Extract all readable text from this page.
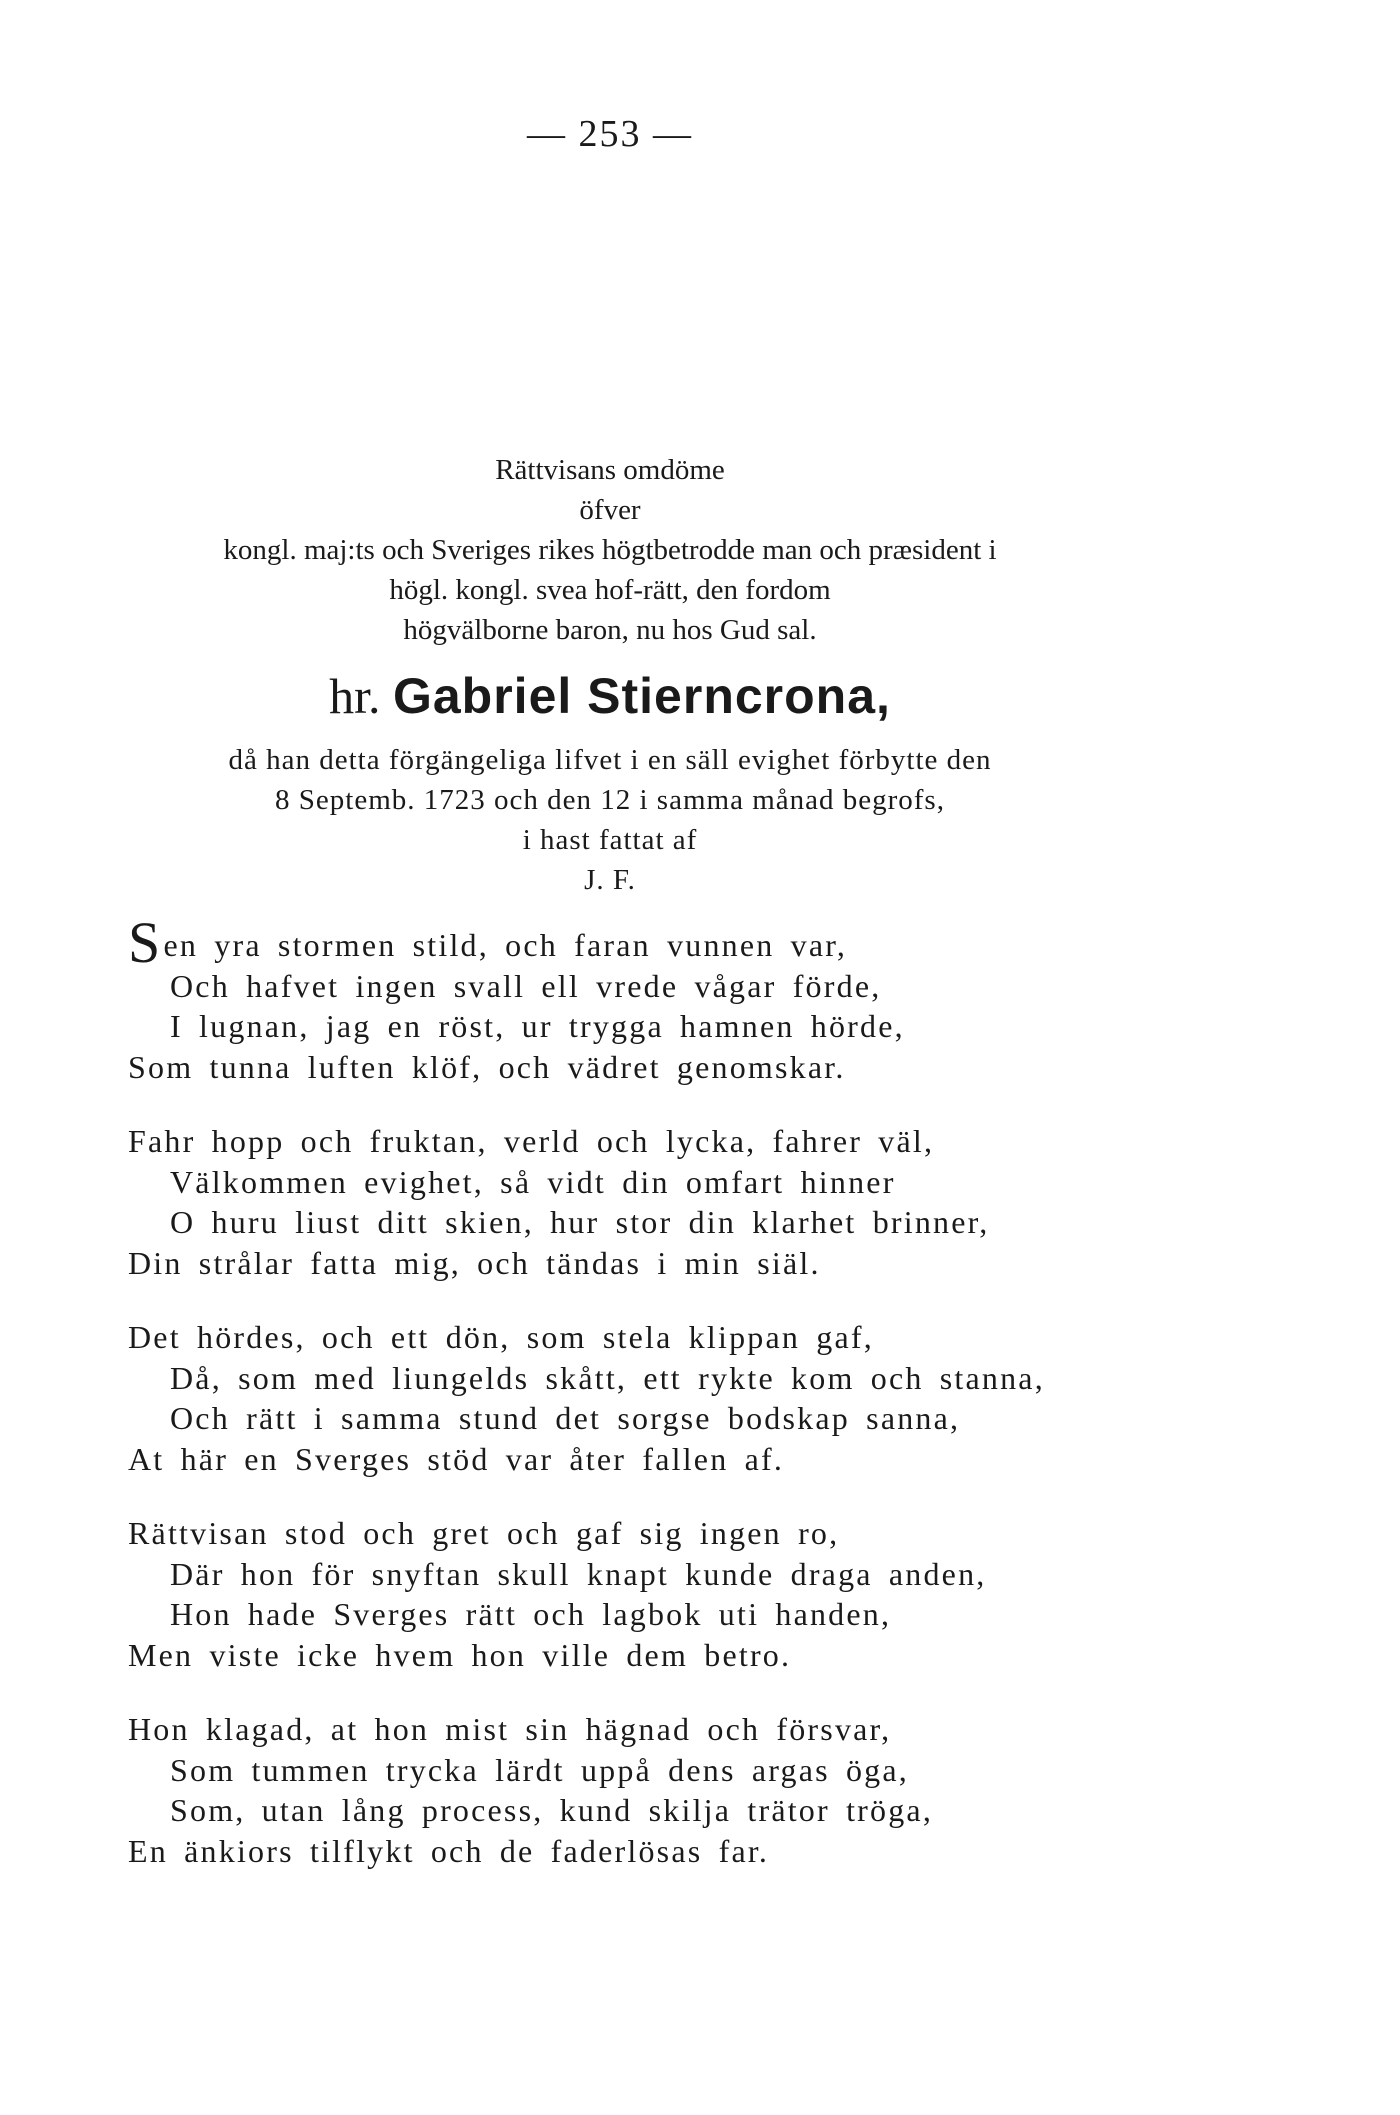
— 253 —
Rättvisans omdöme
öfver
kongl. maj:ts och Sveriges rikes högtbetrodde man och præsident i
högl. kongl. svea hof-rätt, den fordom
högvälborne baron, nu hos Gud sal.
hr. Gabriel Stierncrona,
då han detta förgängeliga lifvet i en säll evighet förbytte den
8 Septemb. 1723 och den 12 i samma månad begrofs,
i hast fattat af
J. F.
Sen yra stormen stild, och faran vunnen var,
Och hafvet ingen svall ell vrede vågar förde,
I lugnan, jag en röst, ur trygga hamnen hörde,
Som tunna luften klöf, och vädret genomskar.
Fahr hopp och fruktan, verld och lycka, fahrer väl,
Välkommen evighet, så vidt din omfart hinner
O huru liust ditt skien, hur stor din klarhet brinner,
Din strålar fatta mig, och tändas i min siäl.
Det hördes, och ett dön, som stela klippan gaf,
Då, som med liungelds skått, ett rykte kom och stanna,
Och rätt i samma stund det sorgse bodskap sanna,
At här en Sverges stöd var åter fallen af.
Rättvisan stod och gret och gaf sig ingen ro,
Där hon för snyftan skull knapt kunde draga anden,
Hon hade Sverges rätt och lagbok uti handen,
Men viste icke hvem hon ville dem betro.
Hon klagad, at hon mist sin hägnad och försvar,
Som tummen trycka lärdt uppå dens argas öga,
Som, utan lång process, kund skilja trätor tröga,
En änkiors tilflykt och de faderlösas far.
